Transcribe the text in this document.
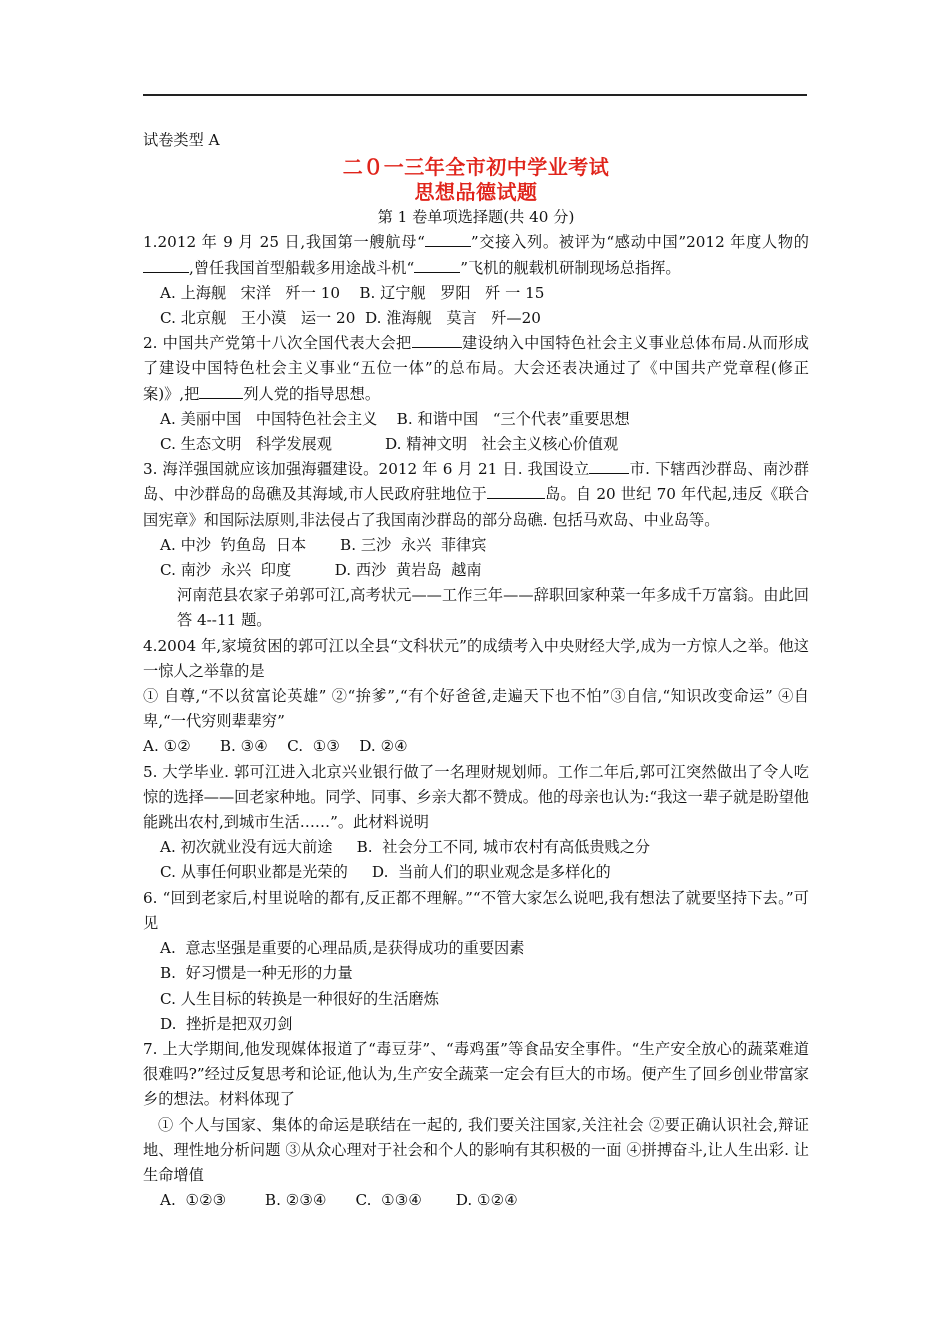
试卷类型 A
二０一三年全市初中学业考试
思想品德试题
第 1 卷单项选择题(共 40 分)

1.2012 年 9 月 25 日,我国第一艘航母“	”交接入列。被评为“感动中国”2012 年度人物的,曾任我国首型船载多用途战斗机“	”飞机的舰载机研制现场总指挥。

A. 上海舰   宋洋   歼一 10    B. 辽宁舰   罗阳   歼 一 15

C. 北京舰   王小漠   运一 20  D. 淮海舰   莫言   歼—20

2. 中国共产党第十八次全国代表大会把	建设纳入中国特色社会主义事业总体布局.从而形成了建设中国特色杜会主义事业“五位一体”的总布局。大会还表决通过了《中国共产党章程(修正案)》,把	列人党的指导思想。

A. 美丽中国   中国特色社会主义    B. 和谐中国   “三个代表”重要思想

C. 生态文明   科学发展观           D. 精神文明   社会主义核心价值观

3. 海洋强国就应该加强海疆建设。2012 年 6 月 21 日. 我国设立	市. 下辖西沙群岛、南沙群岛、中沙群岛的岛礁及其海域,市人民政府驻地位于	岛。自 20 世纪 70 年代起,违反《联合国宪章》和国际法原则,非法侵占了我国南沙群岛的部分岛礁. 包括马欢岛、中业岛等。

A. 中沙  钓鱼岛  日本       B. 三沙  永兴  菲律宾

C. 南沙  永兴  印度         D. 西沙  黄岩岛  越南

河南范县农家子弟郭可江,高考状元——工作三年——辞职回家种菜一年多成千万富翁。由此回答 4--11 题。

4.2004 年,家境贫困的郭可江以全县“文科状元”的成绩考入中央财经大学,成为一方惊人之举。他这一惊人之举靠的是

① 自尊,“不以贫富论英雄” ②“拚爹”,“有个好爸爸,走遍天下也不怕”③自信,“知识改变命运” ④自卑,“一代穷则辈辈穷”

A. ①②      B. ③④    C.  ①③    D. ②④

5. 大学毕业. 郭可江进入北京兴业银行做了一名理财规划师。工作二年后,郭可江突然做出了令人吃惊的选择——回老家种地。同学、同事、乡亲大都不赞成。他的母亲也认为:“我这一辈子就是盼望他能跳出农村,到城市生活……”。此材料说明

A. 初次就业没有远大前途     B.  社会分工不同, 城市农村有高低贵贱之分

C. 从事任何职业都是光荣的     D.  当前人们的职业观念是多样化的

6. “回到老家后,村里说啥的都有,反正都不理解。”“不管大家怎么说吧,我有想法了就要坚持下去。”可见

A.  意志坚强是重要的心理品质,是获得成功的重要因素

B.  好习惯是一种无形的力量

C. 人生目标的转换是一种很好的生活磨炼

D.  挫折是把双刃剑

7. 上大学期间,他发现媒体报道了“毒豆芽”、“毒鸡蛋”等食品安全事件。“生产安全放心的蔬菜难道很难吗?”经过反复思考和论证,他认为,生产安全蔬菜一定会有巨大的市场。便产生了回乡创业带富家乡的想法。材料体现了

① 个人与国家、集体的命运是联结在一起的, 我们要关注国家,关注社会 ②要正确认识社会,辩证地、理性地分析问题 ③从众心理对于社会和个人的影响有其积极的一面 ④拼搏奋斗,让人生出彩. 让生命增值

A.  ①②③        B. ②③④      C.  ①③④       D. ①②④
